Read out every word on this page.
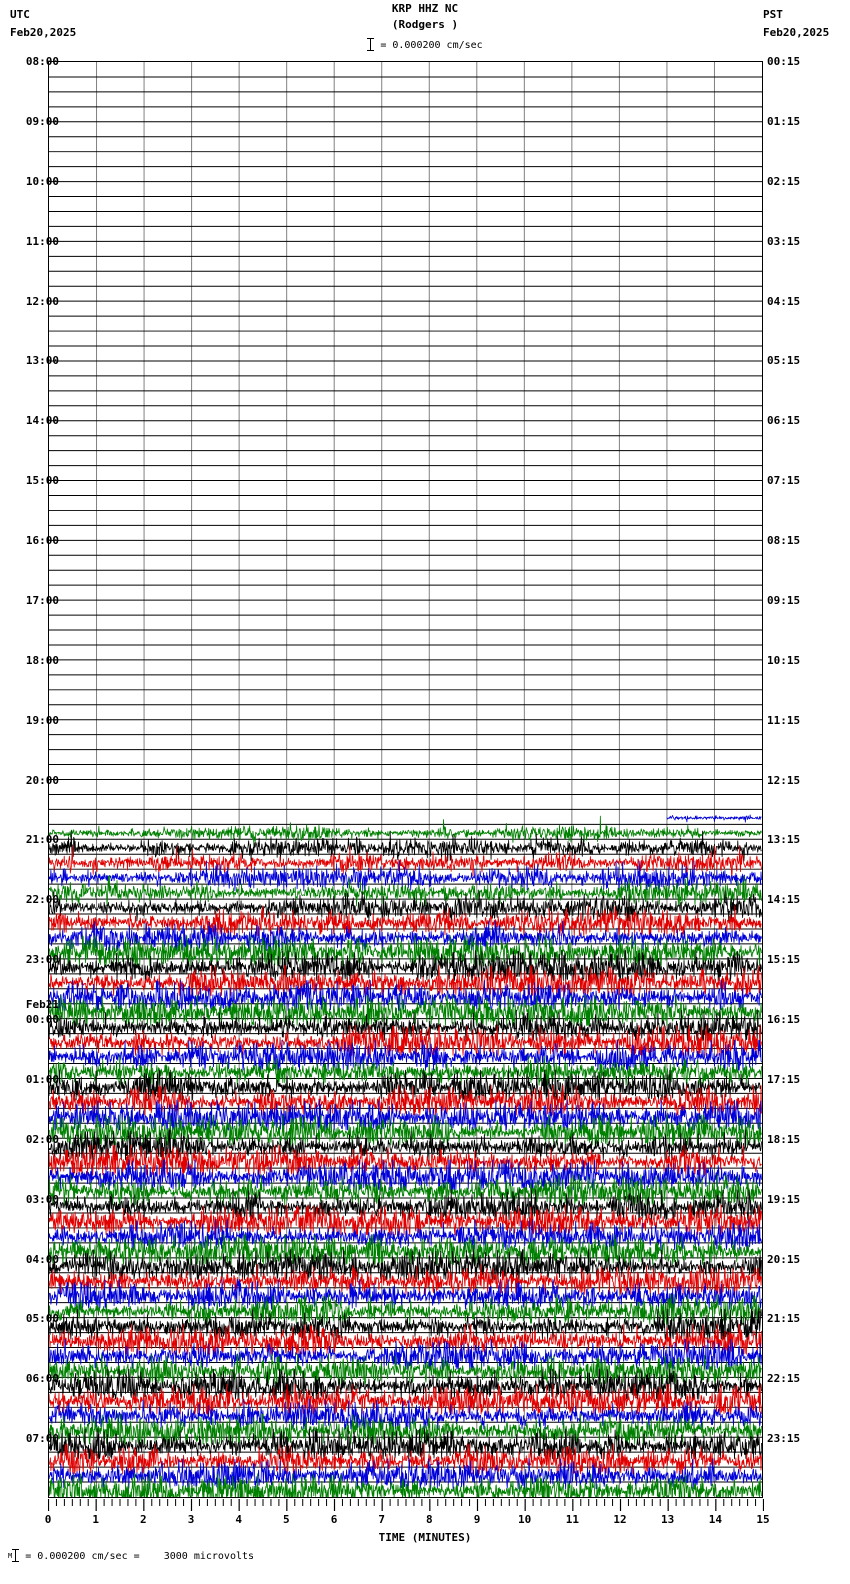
KRP HHZ NC
(Rodgers )
= 0.000200 cm/sec
UTC
Feb20,2025
PST
Feb20,2025
08:00
09:00
10:00
11:00
12:00
13:00
14:00
15:00
16:00
17:00
18:00
19:00
20:00
21:00
22:00
23:00
Feb21
00:00
01:00
02:00
03:00
04:00
05:00
06:00
07:00
00:15
01:15
02:15
03:15
04:15
05:15
06:15
07:15
08:15
09:15
10:15
11:15
12:15
13:15
14:15
15:15
16:15
17:15
18:15
19:15
20:15
21:15
22:15
23:15
0	1	2	3	4	5	6	7	8	9	10	11	12	13	14	15
TIME (MINUTES)
M = 0.000200 cm/sec =    3000 microvolts
